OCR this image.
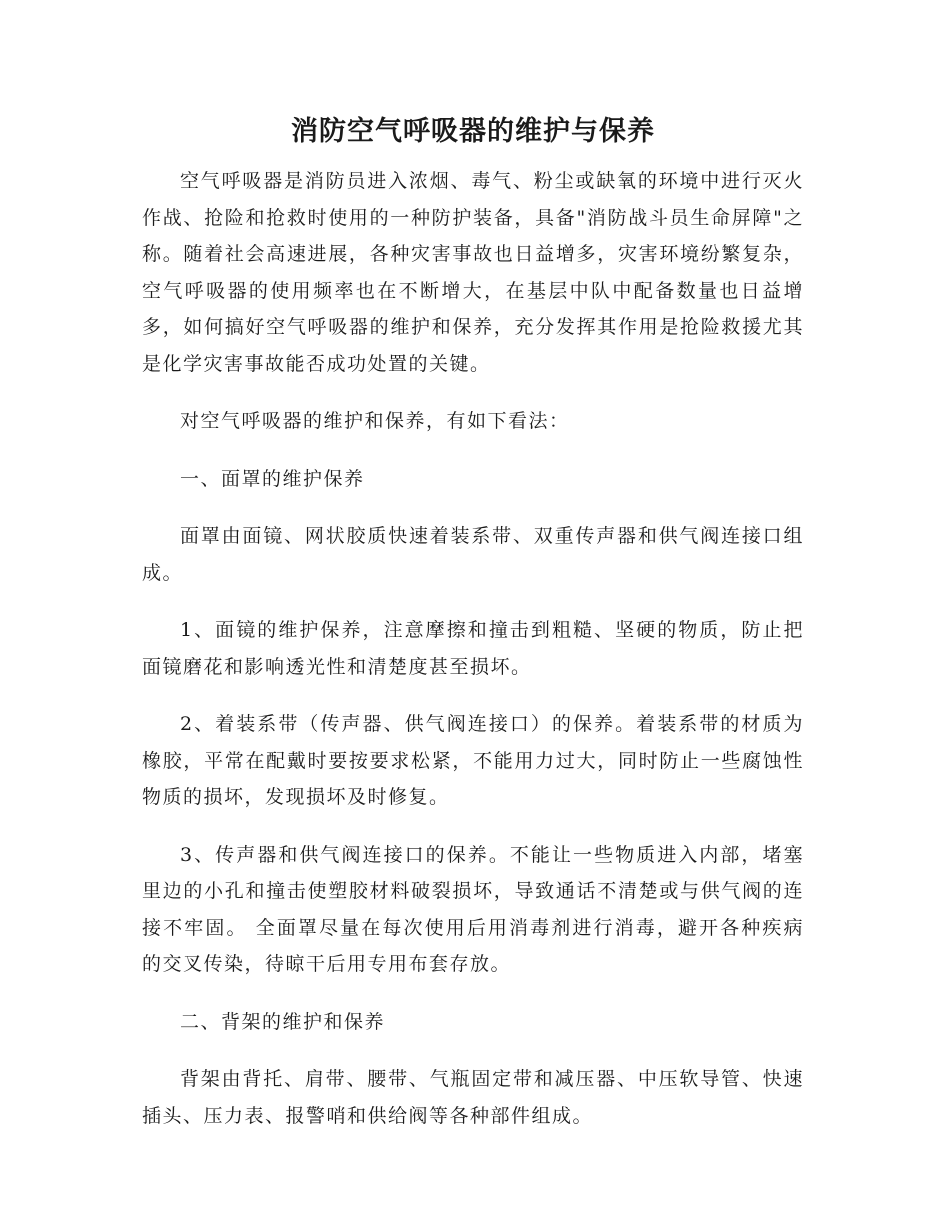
消防空气呼吸器的维护与保养

空气呼吸器是消防员进入浓烟、毒气、粉尘或缺氧的环境中进行灭火作战、抢险和抢救时使用的一种防护装备，具备"消防战斗员生命屏障"之称。随着社会高速进展，各种灾害事故也日益增多，灾害环境纷繁复杂，空气呼吸器的使用频率也在不断增大，在基层中队中配备数量也日益增多，如何搞好空气呼吸器的维护和保养，充分发挥其作用是抢险救援尤其是化学灾害事故能否成功处置的关键。

对空气呼吸器的维护和保养，有如下看法：

一、面罩的维护保养

面罩由面镜、网状胶质快速着装系带、双重传声器和供气阀连接口组成。

1、面镜的维护保养，注意摩擦和撞击到粗糙、坚硬的物质，防止把面镜磨花和影响透光性和清楚度甚至损坏。

2、着装系带（传声器、供气阀连接口）的保养。着装系带的材质为橡胶，平常在配戴时要按要求松紧，不能用力过大，同时防止一些腐蚀性物质的损坏，发现损坏及时修复。

3、传声器和供气阀连接口的保养。不能让一些物质进入内部，堵塞里边的小孔和撞击使塑胶材料破裂损坏，导致通话不清楚或与供气阀的连接不牢固。 全面罩尽量在每次使用后用消毒剂进行消毒，避开各种疾病的交叉传染，待晾干后用专用布套存放。

二、背架的维护和保养

背架由背托、肩带、腰带、气瓶固定带和减压器、中压软导管、快速插头、压力表、报警哨和供给阀等各种部件组成。
